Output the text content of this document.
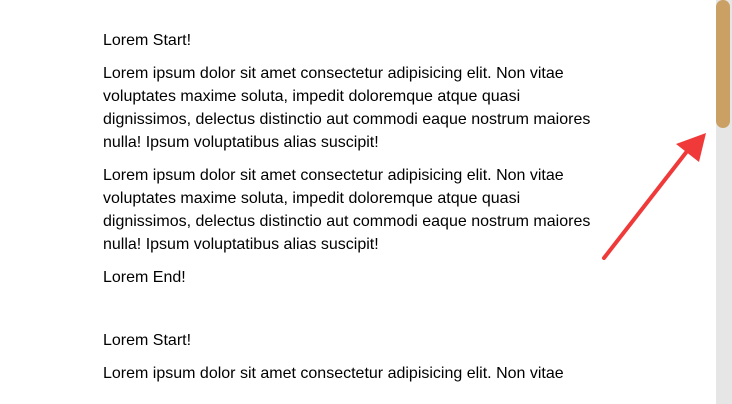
Lorem Start!
Lorem ipsum dolor sit amet consectetur adipisicing elit. Non vitae voluptates maxime soluta, impedit doloremque atque quasi dignissimos, delectus distinctio aut commodi eaque nostrum maiores nulla! Ipsum voluptatibus alias suscipit!
Lorem ipsum dolor sit amet consectetur adipisicing elit. Non vitae voluptates maxime soluta, impedit doloremque atque quasi dignissimos, delectus distinctio aut commodi eaque nostrum maiores nulla! Ipsum voluptatibus alias suscipit!
Lorem End!
Lorem Start!
Lorem ipsum dolor sit amet consectetur adipisicing elit. Non vitae
